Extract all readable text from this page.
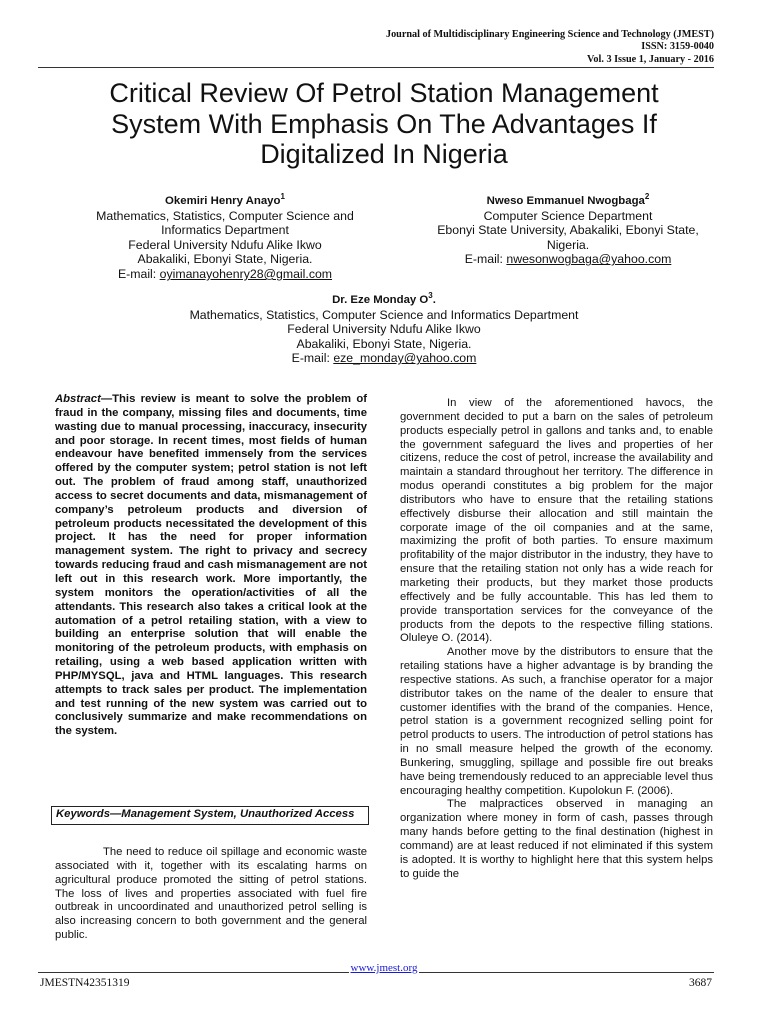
Journal of Multidisciplinary Engineering Science and Technology (JMEST)
ISSN: 3159-0040
Vol. 3 Issue 1, January - 2016
Critical Review Of Petrol Station Management
System With Emphasis On The Advantages If
Digitalized In Nigeria
Okemiri Henry Anayo$^1$
Mathematics, Statistics, Computer Science and
Informatics Department
Federal University Ndufu Alike Ikwo
Abakaliki, Ebonyi State, Nigeria.
E-mail: oyimanayohenry28@gmail.com
Nweso Emmanuel Nwogbaga$^2$
Computer Science Department
Ebonyi State University, Abakaliki, Ebonyi State,
Nigeria.
E-mail: nwesonwogbaga@yahoo.com
Dr. Eze Monday $O^3$.
Mathematics, Statistics, Computer Science and Informatics Department
Federal University Ndufu Alike Ikwo
Abakaliki, Ebonyi State, Nigeria.
E-mail: eze_monday@yahoo.com
Abstract—This review is meant to solve the problem of fraud in the company, missing files and documents, time wasting due to manual processing, inaccuracy, insecurity and poor storage. In recent times, most fields of human endeavour have benefited immensely from the services offered by the computer system; petrol station is not left out. The problem of fraud among staff, unauthorized access to secret documents and data, mismanagement of company’s petroleum products and diversion of petroleum products necessitated the development of this project. It has the need for proper information management system. The right to privacy and secrecy towards reducing fraud and cash mismanagement are not left out in this research work. More importantly, the system monitors the operation/activities of all the attendants. This research also takes a critical look at the automation of a petrol retailing station, with a view to building an enterprise solution that will enable the monitoring of the petroleum products, with emphasis on retailing, using a web based application written with PHP/MYSQL, java and HTML languages. This research attempts to track sales per product. The implementation and test running of the new system was carried out to conclusively summarize and make recommendations on the system.
Keywords—Management System, Unauthorized Access

The need to reduce oil spillage and economic waste associated with it, together with its escalating harms on agricultural produce promoted the sitting of petrol stations. The loss of lives and properties associated with fuel fire outbreak in uncoordinated and unauthorized petrol selling is also increasing concern to both government and the general public.

In view of the aforementioned havocs, the government decided to put a barn on the sales of petroleum products especially petrol in gallons and tanks and, to enable the government safeguard the lives and properties of her citizens, reduce the cost of petrol, increase the availability and maintain a standard throughout her territory. The difference in modus operandi constitutes a big problem for the major distributors who have to ensure that the retailing stations effectively disburse their allocation and still maintain the corporate image of the oil companies and at the same, maximizing the profit of both parties. To ensure maximum profitability of the major distributor in the industry, they have to ensure that the retailing station not only has a wide reach for marketing their products, but they market those products effectively and be fully accountable. This has led them to provide transportation services for the conveyance of the products from the depots to the respective filling stations. Oluleye O. (2014).

Another move by the distributors to ensure that the retailing stations have a higher advantage is by branding the respective stations. As such, a franchise operator for a major distributor takes on the name of the dealer to ensure that customer identifies with the brand of the companies. Hence, petrol station is a government recognized selling point for petrol products to users. The introduction of petrol stations has in no small measure helped the growth of the economy. Bunkering, smuggling, spillage and possible fire out breaks have being tremendously reduced to an appreciable level thus encouraging healthy competition. Kupolokun F. (2006).

The malpractices observed in managing an organization where money in form of cash, passes through many hands before getting to the final destination (highest in command) are at least reduced if not eliminated if this system is adopted. It is worthy to highlight here that this system helps to guide the

www.jmest.org
JMESTN42351319	3687
